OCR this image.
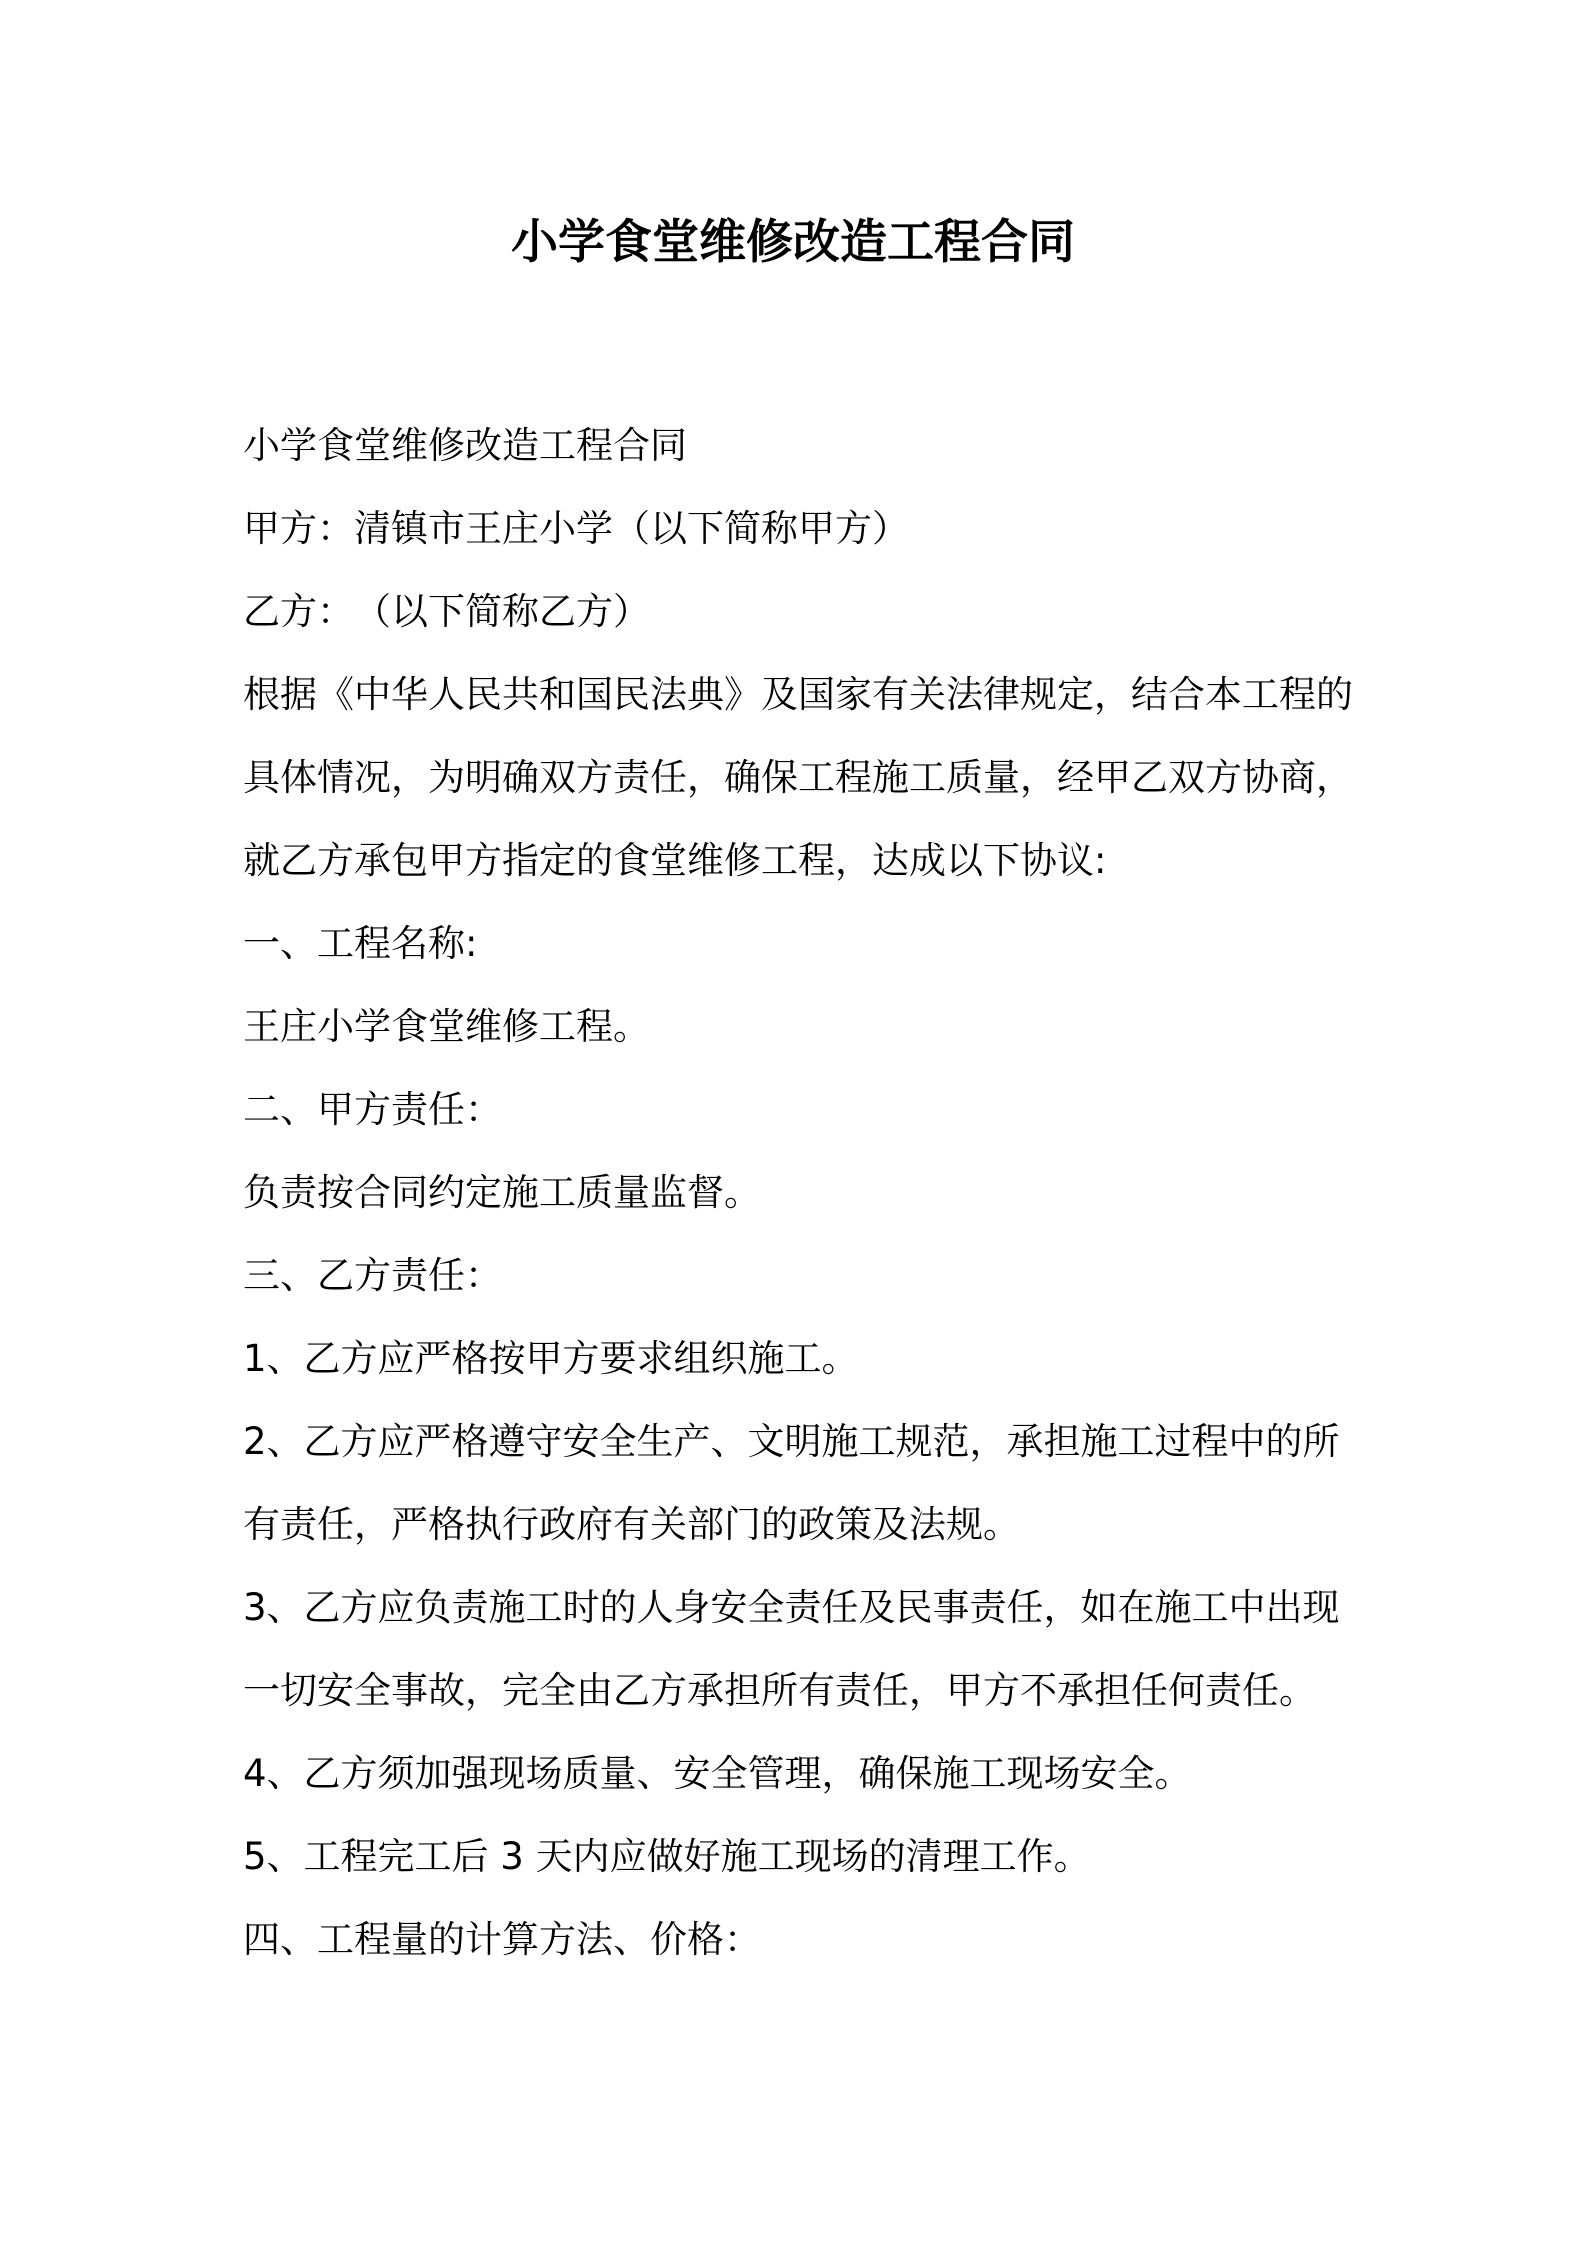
小学食堂维修改造工程合同

小学食堂维修改造工程合同

甲方：清镇市王庄小学（以下简称甲方）

乙方：　（以下简称乙方）

根据《中华人民共和国民法典》及国家有关法律规定，结合本工程的

具体情况，为明确双方责任，确保工程施工质量，经甲乙双方协商，

就乙方承包甲方指定的食堂维修工程，达成以下协议:

一、工程名称:

王庄小学食堂维修工程。

二、甲方责任：

负责按合同约定施工质量监督。

三、乙方责任：

1、乙方应严格按甲方要求组织施工。

2、乙方应严格遵守安全生产、文明施工规范，承担施工过程中的所

有责任，严格执行政府有关部门的政策及法规。

3、乙方应负责施工时的人身安全责任及民事责任，如在施工中出现

一切安全事故，完全由乙方承担所有责任，甲方不承担任何责任。

4、乙方须加强现场质量、安全管理，确保施工现场安全。

5、工程完工后 3 天内应做好施工现场的清理工作。

四、工程量的计算方法、价格：
